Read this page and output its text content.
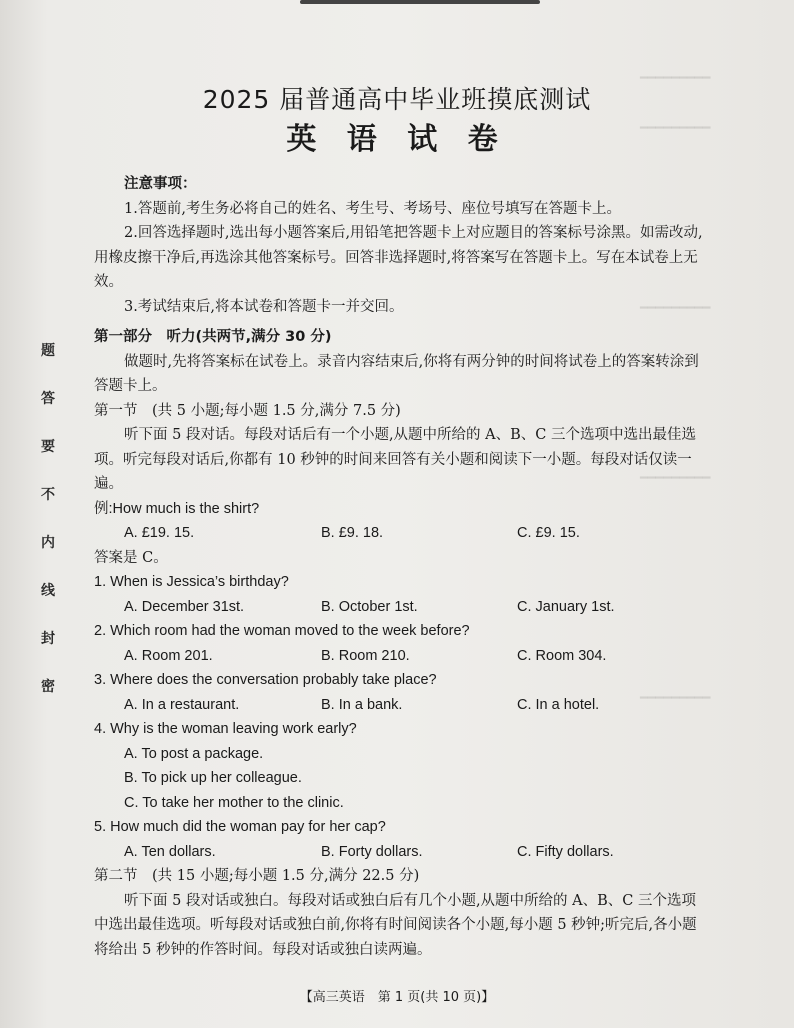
━━━━━━━━━
━━━━━━━━━
━━━━━━━━━
━━━━━━━━━
━━━━━━━━━
2025 届普通高中毕业班摸底测试
英 语 试 卷
题
答
要
不
内
线
封
密

注意事项：

1.答题前,考生务必将自己的姓名、考生号、考场号、座位号填写在答题卡上。

2.回答选择题时,选出每小题答案后,用铅笔把答题卡上对应题目的答案标号涂黑。如需改动,用橡皮擦干净后,再选涂其他答案标号。回答非选择题时,将答案写在答题卡上。写在本试卷上无效。

3.考试结束后,将本试卷和答题卡一并交回。

第一部分　听力(共两节,满分 30 分)

做题时,先将答案标在试卷上。录音内容结束后,你将有两分钟的时间将试卷上的答案转涂到答题卡上。

第一节　(共 5 小题;每小题 1.5 分,满分 7.5 分)

听下面 5 段对话。每段对话后有一个小题,从题中所给的 A、B、C 三个选项中选出最佳选项。听完每段对话后,你都有 10 秒钟的时间来回答有关小题和阅读下一小题。每段对话仅读一遍。

例:How much is the shirt?

A. £19. 15.	B. £9. 18.	C. £9. 15.

答案是 C。

1. When is Jessica’s birthday?

A. December 31st.	B. October 1st.	C. January 1st.

2. Which room had the woman moved to the week before?

A. Room 201.	B. Room 210.	C. Room 304.

3. Where does the conversation probably take place?

A. In a restaurant.	B. In a bank.	C. In a hotel.

4. Why is the woman leaving work early?

A. To post a package.

B. To pick up her colleague.

C. To take her mother to the clinic.

5. How much did the woman pay for her cap?

A. Ten dollars.	B. Forty dollars.	C. Fifty dollars.

第二节　(共 15 小题;每小题 1.5 分,满分 22.5 分)

听下面 5 段对话或独白。每段对话或独白后有几个小题,从题中所给的 A、B、C 三个选项中选出最佳选项。听每段对话或独白前,你将有时间阅读各个小题,每小题 5 秒钟;听完后,各小题将给出 5 秒钟的作答时间。每段对话或独白读两遍。

【高三英语　第 1 页(共 10 页)】
